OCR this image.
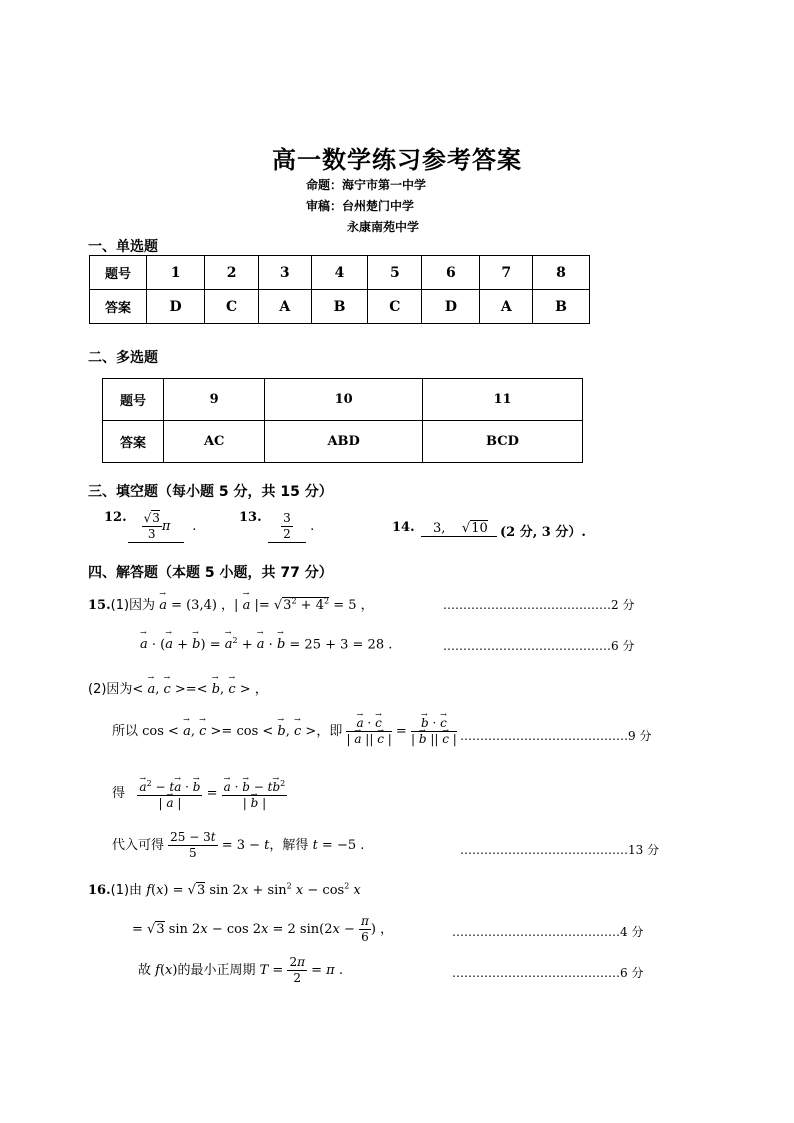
高一数学练习参考答案
命题：海宁市第一中学
审稿：台州楚门中学
永康南苑中学
一、单选题
题号	1	2	3	4	5	6	7	8
答案	D	C	A	B	C	D	A	B
二、多选题
题号	9	10	11
答案	AC	ABD	BCD
三、填空题（每小题 5 分，共 15 分）
12. $\frac{√3}{3}$ π  .
13. $\frac{3}{2}$ .	14.	3,    √10 (2 分, 3 分）.
四、解答题（本题 5 小题，共 77 分）
15.(1)因为 → a = (3,4) ，| → a |= $√3^2 + 4^2 = 5$ ，	……………………………………2 分
→ a · (→ a + → b) = → $a^2$ + → a · → b = 25 + 3 = 28 .	……………………………………6 分
(2)因为< → a, → c >=< → b, → c > ，
所以 cos < → a, → c >= cos < → b, → c >，即 → $\frac{a \cdot \to c}{| \to a || \to c |}$ = → $\frac{b \cdot \to c}{| \to b || \to c |}$ ……………………………………9 分
得 → $\frac{a^2 - t\to a \cdot \to b}{| \to a |}$ = → $\frac{a \cdot \to b - t\to b^2}{| \to b |}$
代入可得 $\frac{25 - 3t}{5} = 3 - t$，解得 t = −5 .	……………………………………13 分
16.(1)由 f(x) = √3 $\sin 2x + \sin^2 x - \cos^2 x$
= √3 sin 2x − cos 2x = 2 $\sin(2x - \frac{\pi}{6}$ ) ，	……………………………………4 分
故 f(x)的最小正周期 $T = \frac{2\pi}{2} = \pi$ .	……………………………………6 分
